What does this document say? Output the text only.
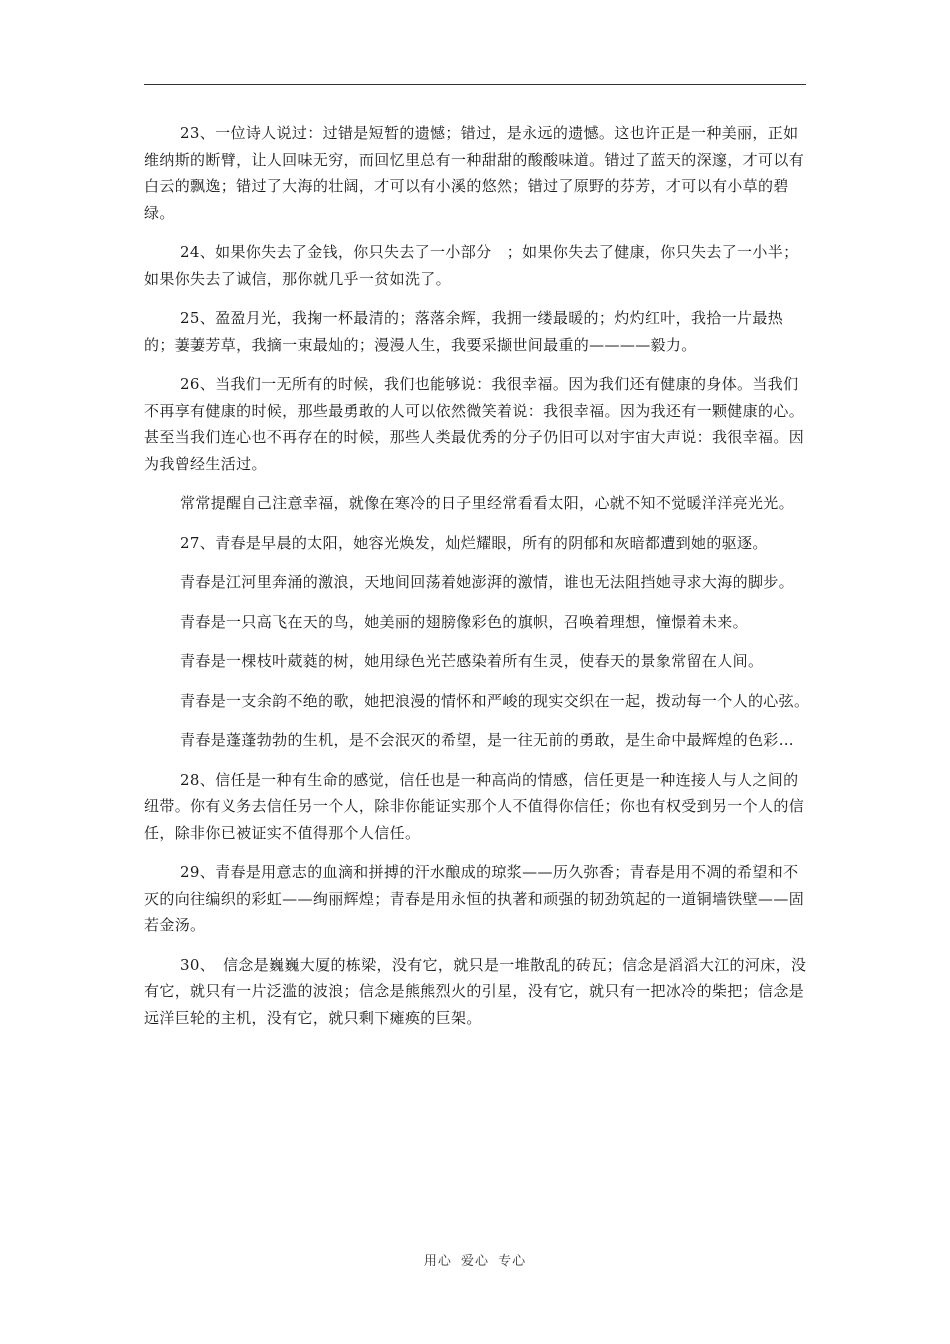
23、一位诗人说过：过错是短暂的遗憾；错过，是永远的遗憾。这也许正是一种美丽，正如维纳斯的断臂，让人回味无穷，而回忆里总有一种甜甜的酸酸味道。错过了蓝天的深邃，才可以有白云的飘逸；错过了大海的壮阔，才可以有小溪的悠然；错过了原野的芬芳，才可以有小草的碧绿。

24、如果你失去了金钱，你只失去了一小部分　；如果你失去了健康，你只失去了一小半；如果你失去了诚信，那你就几乎一贫如洗了。

25、盈盈月光，我掬一杯最清的；落落余辉，我拥一缕最暖的；灼灼红叶，我拾一片最热的；萋萋芳草，我摘一束最灿的；漫漫人生，我要采撷世间最重的————毅力。

26、当我们一无所有的时候，我们也能够说：我很幸福。因为我们还有健康的身体。当我们不再享有健康的时候，那些最勇敢的人可以依然微笑着说：我很幸福。因为我还有一颗健康的心。甚至当我们连心也不再存在的时候，那些人类最优秀的分子仍旧可以对宇宙大声说：我很幸福。因为我曾经生活过。

常常提醒自己注意幸福，就像在寒冷的日子里经常看看太阳，心就不知不觉暖洋洋亮光光。

27、青春是早晨的太阳，她容光焕发，灿烂耀眼，所有的阴郁和灰暗都遭到她的驱逐。

青春是江河里奔涌的激浪，天地间回荡着她澎湃的激情，谁也无法阻挡她寻求大海的脚步。

青春是一只高飞在天的鸟，她美丽的翅膀像彩色的旗帜，召唤着理想，憧憬着未来。

青春是一棵枝叶葳蕤的树，她用绿色光芒感染着所有生灵，使春天的景象常留在人间。

青春是一支余韵不绝的歌，她把浪漫的情怀和严峻的现实交织在一起，拨动每一个人的心弦。

青春是蓬蓬勃勃的生机，是不会泯灭的希望，是一往无前的勇敢，是生命中最辉煌的色彩…

28、信任是一种有生命的感觉，信任也是一种高尚的情感，信任更是一种连接人与人之间的纽带。你有义务去信任另一个人，除非你能证实那个人不值得你信任；你也有权受到另一个人的信任，除非你已被证实不值得那个人信任。

29、青春是用意志的血滴和拼搏的汗水酿成的琼浆——历久弥香；青春是用不凋的希望和不灭的向往编织的彩虹——绚丽辉煌；青春是用永恒的执著和顽强的韧劲筑起的一道铜墙铁壁——固若金汤。

30、　信念是巍巍大厦的栋梁，没有它，就只是一堆散乱的砖瓦；信念是滔滔大江的河床，没有它，就只有一片泛滥的波浪；信念是熊熊烈火的引星，没有它，就只有一把冰冷的柴把；信念是远洋巨轮的主机，没有它，就只剩下瘫痪的巨架。

用心 爱心 专心
